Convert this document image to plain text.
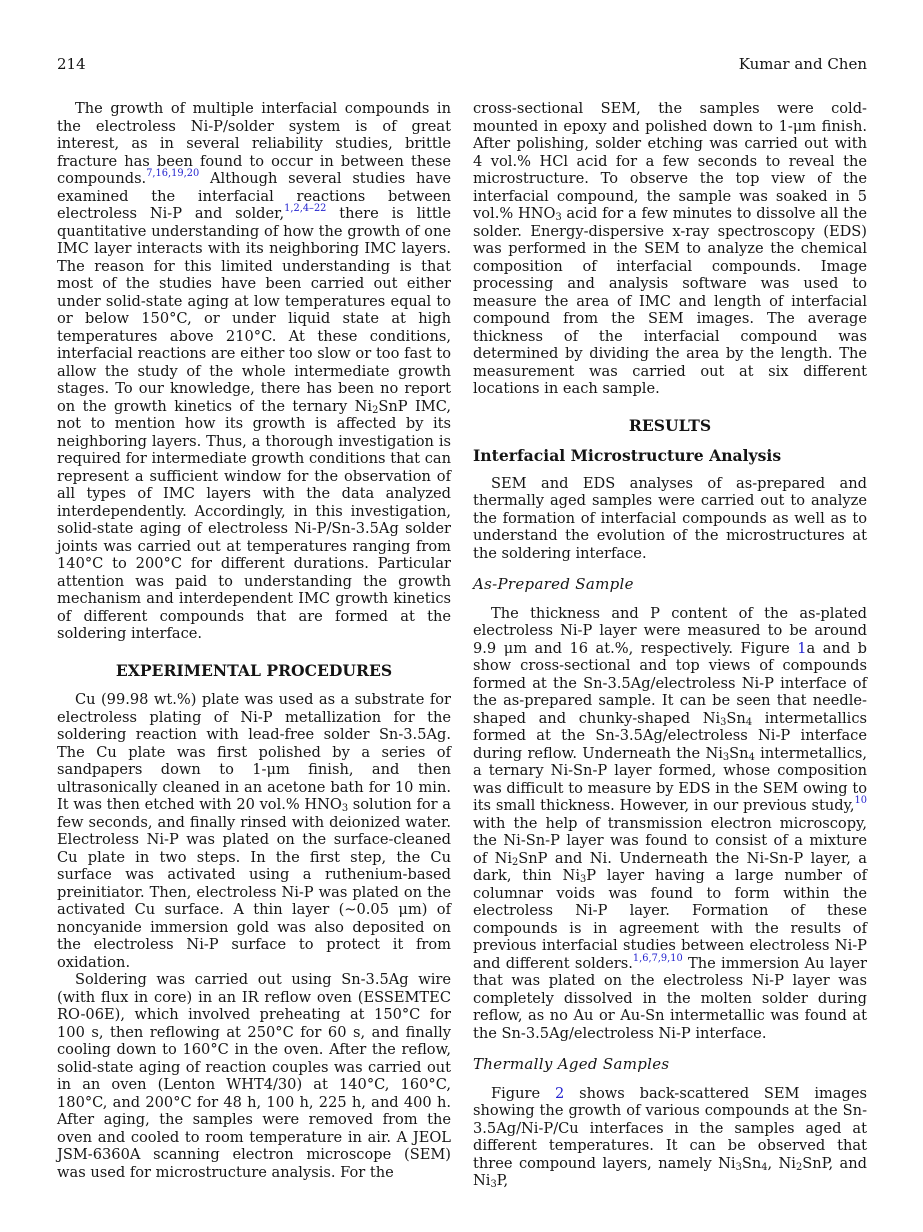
214	Kumar and Chen

The growth of multiple interfacial compounds in the electroless Ni-P/solder system is of great interest, as in several reliability studies, brittle fracture has been found to occur in between these compounds.$^{7,16,19,20}$ Although several studies have examined the interfacial reactions between electroless Ni-P and solder,$^{1,2,4-22}$ there is little quantitative understanding of how the growth of one IMC layer interacts with its neighboring IMC layers. The reason for this limited understanding is that most of the studies have been carried out either under solid-state aging at low temperatures equal to or below 150°C, or under liquid state at high temperatures above 210°C. At these conditions, interfacial reactions are either too slow or too fast to allow the study of the whole intermediate growth stages. To our knowledge, there has been no report on the growth kinetics of the ternary $Ni_2SnP$ IMC, not to mention how its growth is affected by its neighboring layers. Thus, a thorough investigation is required for intermediate growth conditions that can represent a sufficient window for the observation of all types of IMC layers with the data analyzed interdependently. Accordingly, in this investigation, solid-state aging of electroless Ni-P/Sn-3.5Ag solder joints was carried out at temperatures ranging from 140°C to 200°C for different durations. Particular attention was paid to understanding the growth mechanism and interdependent IMC growth kinetics of different compounds that are formed at the soldering interface.

EXPERIMENTAL PROCEDURES

Cu (99.98 wt.%) plate was used as a substrate for electroless plating of Ni-P metallization for the soldering reaction with lead-free solder Sn-3.5Ag. The Cu plate was first polished by a series of sandpapers down to 1-μm finish, and then ultrasonically cleaned in an acetone bath for 10 min. It was then etched with 20 vol.% $HNO_3$ solution for a few seconds, and finally rinsed with deionized water. Electroless Ni-P was plated on the surface-cleaned Cu plate in two steps. In the first step, the Cu surface was activated using a ruthenium-based preinitiator. Then, electroless Ni-P was plated on the activated Cu surface. A thin layer (∼0.05 μm) of noncyanide immersion gold was also deposited on the electroless Ni-P surface to protect it from oxidation.

Soldering was carried out using Sn-3.5Ag wire (with flux in core) in an IR reflow oven (ESSEMTEC RO-06E), which involved preheating at 150°C for 100 s, then reflowing at 250°C for 60 s, and finally cooling down to 160°C in the oven. After the reflow, solid-state aging of reaction couples was carried out in an oven (Lenton WHT4/30) at 140°C, 160°C, 180°C, and 200°C for 48 h, 100 h, 225 h, and 400 h. After aging, the samples were removed from the oven and cooled to room temperature in air. A JEOL JSM-6360A scanning electron microscope (SEM) was used for microstructure analysis. For the

cross-sectional SEM, the samples were cold-mounted in epoxy and polished down to 1-μm finish. After polishing, solder etching was carried out with 4 vol.% HCl acid for a few seconds to reveal the microstructure. To observe the top view of the interfacial compound, the sample was soaked in 5 vol.% $HNO_3$ acid for a few minutes to dissolve all the solder. Energy-dispersive x-ray spectroscopy (EDS) was performed in the SEM to analyze the chemical composition of interfacial compounds. Image processing and analysis software was used to measure the area of IMC and length of interfacial compound from the SEM images. The average thickness of the interfacial compound was determined by dividing the area by the length. The measurement was carried out at six different locations in each sample.

RESULTS
Interfacial Microstructure Analysis

SEM and EDS analyses of as-prepared and thermally aged samples were carried out to analyze the formation of interfacial compounds as well as to understand the evolution of the microstructures at the soldering interface.

As-Prepared Sample

The thickness and P content of the as-plated electroless Ni-P layer were measured to be around 9.9 μm and 16 at.%, respectively. Figure 1a and b show cross-sectional and top views of compounds formed at the Sn-3.5Ag/electroless Ni-P interface of the as-prepared sample. It can be seen that needle-shaped and chunky-shaped $Ni_3Sn_4$ intermetallics formed at the Sn-3.5Ag/electroless Ni-P interface during reflow. Underneath the $Ni_3Sn_4$ intermetallics, a ternary Ni-Sn-P layer formed, whose composition was difficult to measure by EDS in the SEM owing to its small thickness. However, in our previous study,$^{10}$ with the help of transmission electron microscopy, the Ni-Sn-P layer was found to consist of a mixture of $Ni_2SnP$ and Ni. Underneath the Ni-Sn-P layer, a dark, thin $Ni_3P$ layer having a large number of columnar voids was found to form within the electroless Ni-P layer. Formation of these compounds is in agreement with the results of previous interfacial studies between electroless Ni-P and different solders.$^{1,6,7,9,10}$ The immersion Au layer that was plated on the electroless Ni-P layer was completely dissolved in the molten solder during reflow, as no Au or Au-Sn intermetallic was found at the Sn-3.5Ag/electroless Ni-P interface.

Thermally Aged Samples

Figure 2 shows back-scattered SEM images showing the growth of various compounds at the Sn-3.5Ag/Ni-P/Cu interfaces in the samples aged at different temperatures. It can be observed that three compound layers, namely $Ni_3Sn_4$, $Ni_2SnP$, and $Ni_3P$,
